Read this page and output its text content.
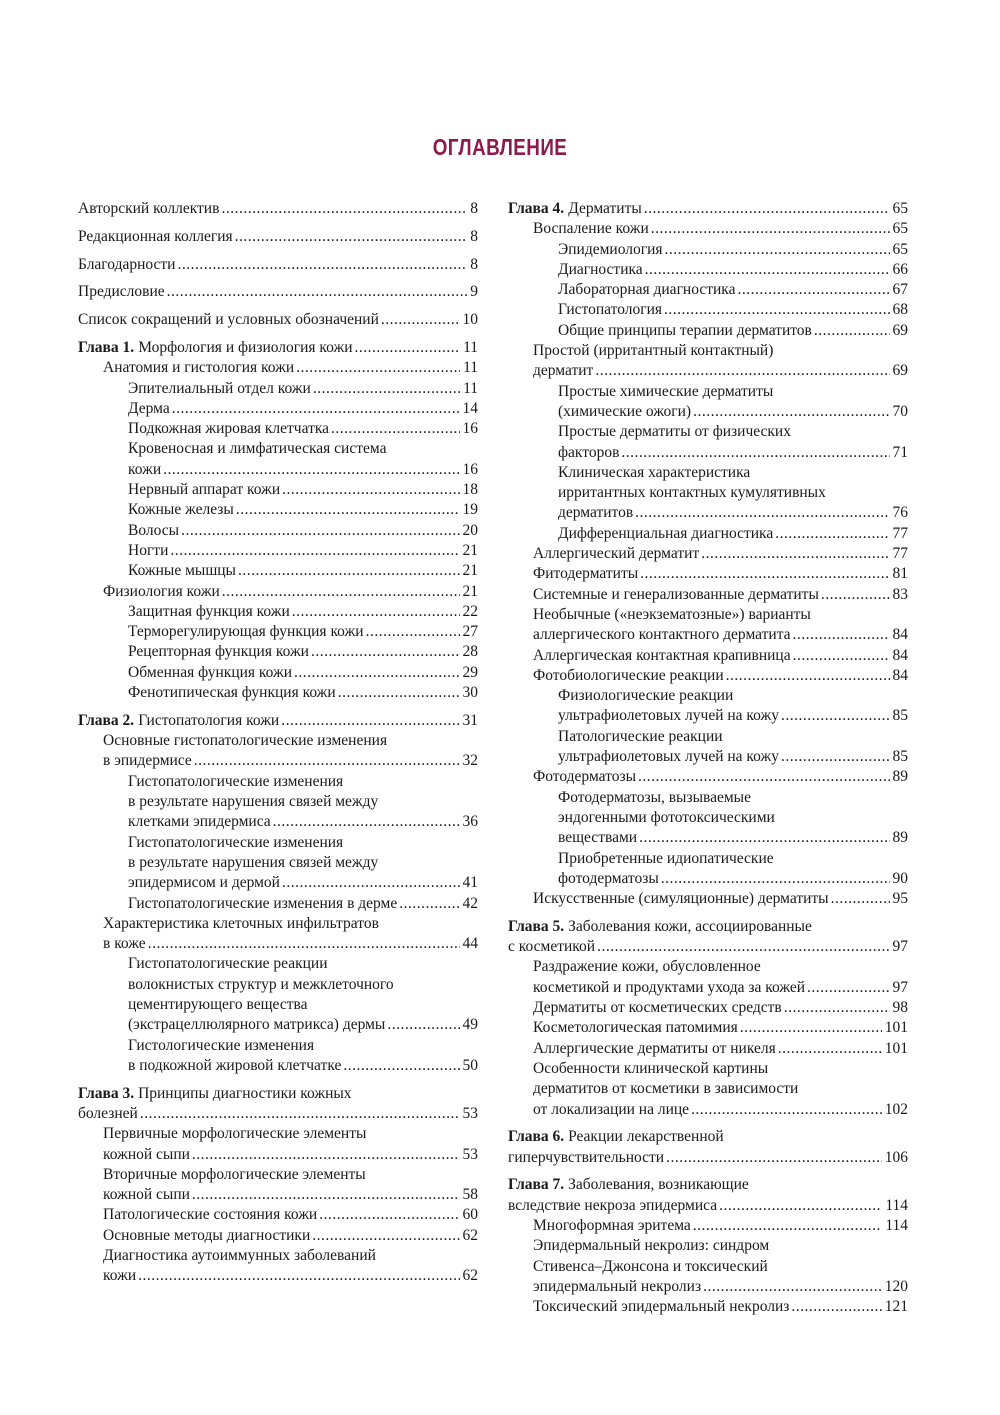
ОГЛАВЛЕНИЕ
Авторский коллектив .....	8
Редакционная коллегия .....	8
Благодарности .....	8
Предисловие .....	9
Список сокращений и условных обозначений .....	10
Глава 1. Морфология и физиология кожи .....	11
Анатомия и гистология кожи .....	11
Эпителиальный отдел кожи .....	11
Дерма .....	14
Подкожная жировая клетчатка .....	16
Кровеносная и лимфатическая система
кожи .....	16
Нервный аппарат кожи .....	18
Кожные железы .....	19
Волосы .....	20
Ногти .....	21
Кожные мышцы .....	21
Физиология кожи .....	21
Защитная функция кожи .....	22
Терморегулирующая функция кожи .....	27
Рецепторная функция кожи .....	28
Обменная функция кожи .....	29
Фенотипическая функция кожи .....	30
Глава 2. Гистопатология кожи .....	31
Основные гистопатологические изменения
в эпидермисе .....	32
Гистопатологические изменения
в результате нарушения связей между
клетками эпидермиса .....	36
Гистопатологические изменения
в результате нарушения связей между
эпидермисом и дермой .....	41
Гистопатологические изменения в дерме .....	42
Характеристика клеточных инфильтратов
в коже .....	44
Гистопатологические реакции
волокнистых структур и межклеточного
цементирующего вещества
(экстрацеллюлярного матрикса) дермы .....	49
Гистологические изменения
в подкожной жировой клетчатке .....	50
Глава 3. Принципы диагностики кожных
болезней .....	53
Первичные морфологические элементы
кожной сыпи .....	53
Вторичные морфологические элементы
кожной сыпи .....	58
Патологические состояния кожи .....	60
Основные методы диагностики .....	62
Диагностика аутоиммунных заболеваний
кожи .....	62
Глава 4. Дерматиты .....	65
Воспаление кожи .....	65
Эпидемиология .....	65
Диагностика .....	66
Лабораторная диагностика .....	67
Гистопатология .....	68
Общие принципы терапии дерматитов .....	69
Простой (ирритантный контактный)
дерматит .....	69
Простые химические дерматиты
(химические ожоги) .....	70
Простые дерматиты от физических
факторов .....	71
Клиническая характеристика
ирритантных контактных кумулятивных
дерматитов .....	76
Дифференциальная диагностика .....	77
Аллергический дерматит .....	77
Фитодерматиты .....	81
Системные и генерализованные дерматиты .....	83
Необычные («неэкзематозные») варианты
аллергического контактного дерматита .....	84
Аллергическая контактная крапивница .....	84
Фотобиологические реакции .....	84
Физиологические реакции
ультрафиолетовых лучей на кожу .....	85
Патологические реакции
ультрафиолетовых лучей на кожу .....	85
Фотодерматозы .....	89
Фотодерматозы, вызываемые
эндогенными фототоксическими
веществами .....	89
Приобретенные идиопатические
фотодерматозы .....	90
Искусственные (симуляционные) дерматиты .....	95
Глава 5. Заболевания кожи, ассоциированные
с косметикой .....	97
Раздражение кожи, обусловленное
косметикой и продуктами ухода за кожей .....	97
Дерматиты от косметических средств .....	98
Косметологическая патомимия .....	101
Аллергические дерматиты от никеля .....	101
Особенности клинической картины
дерматитов от косметики в зависимости
от локализации на лице .....	102
Глава 6. Реакции лекарственной
гиперчувствительности .....	106
Глава 7. Заболевания, возникающие
вследствие некроза эпидермиса .....	114
Многоформная эритема .....	114
Эпидермальный некролиз: синдром
Стивенса–Джонсона и токсический
эпидермальный некролиз .....	120
Токсический эпидермальный некролиз .....	121
